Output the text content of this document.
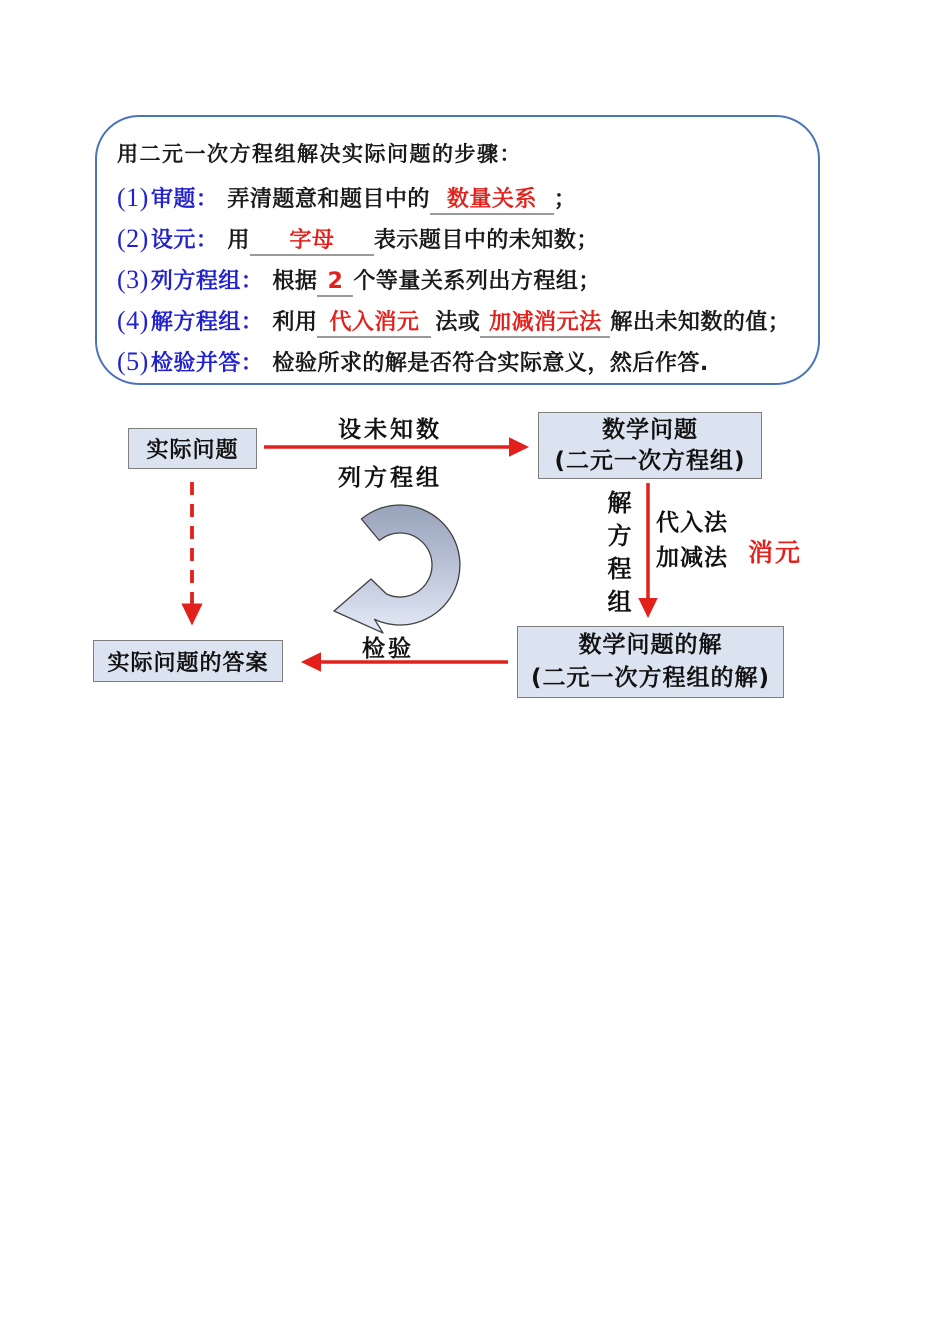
用二元一次方程组解决实际问题的步骤：
(1)审题： 弄清题意和题目中的 数量关系 ；
(2)设元： 用 字母 表示题目中的未知数；
(3)列方程组： 根据 2 个等量关系列出方程组；
(4)解方程组： 利用 代入消元 法或 加减消元法 解出未知数的值；
(5)检验并答： 检验所求的解是否符合实际意义，然后作答.
实际问题
数学问题
(二元一次方程组)
数学问题的解
(二元一次方程组的解)
实际问题的答案
设未知数
列方程组
解方程组 代入法
加减法 消元
检验
